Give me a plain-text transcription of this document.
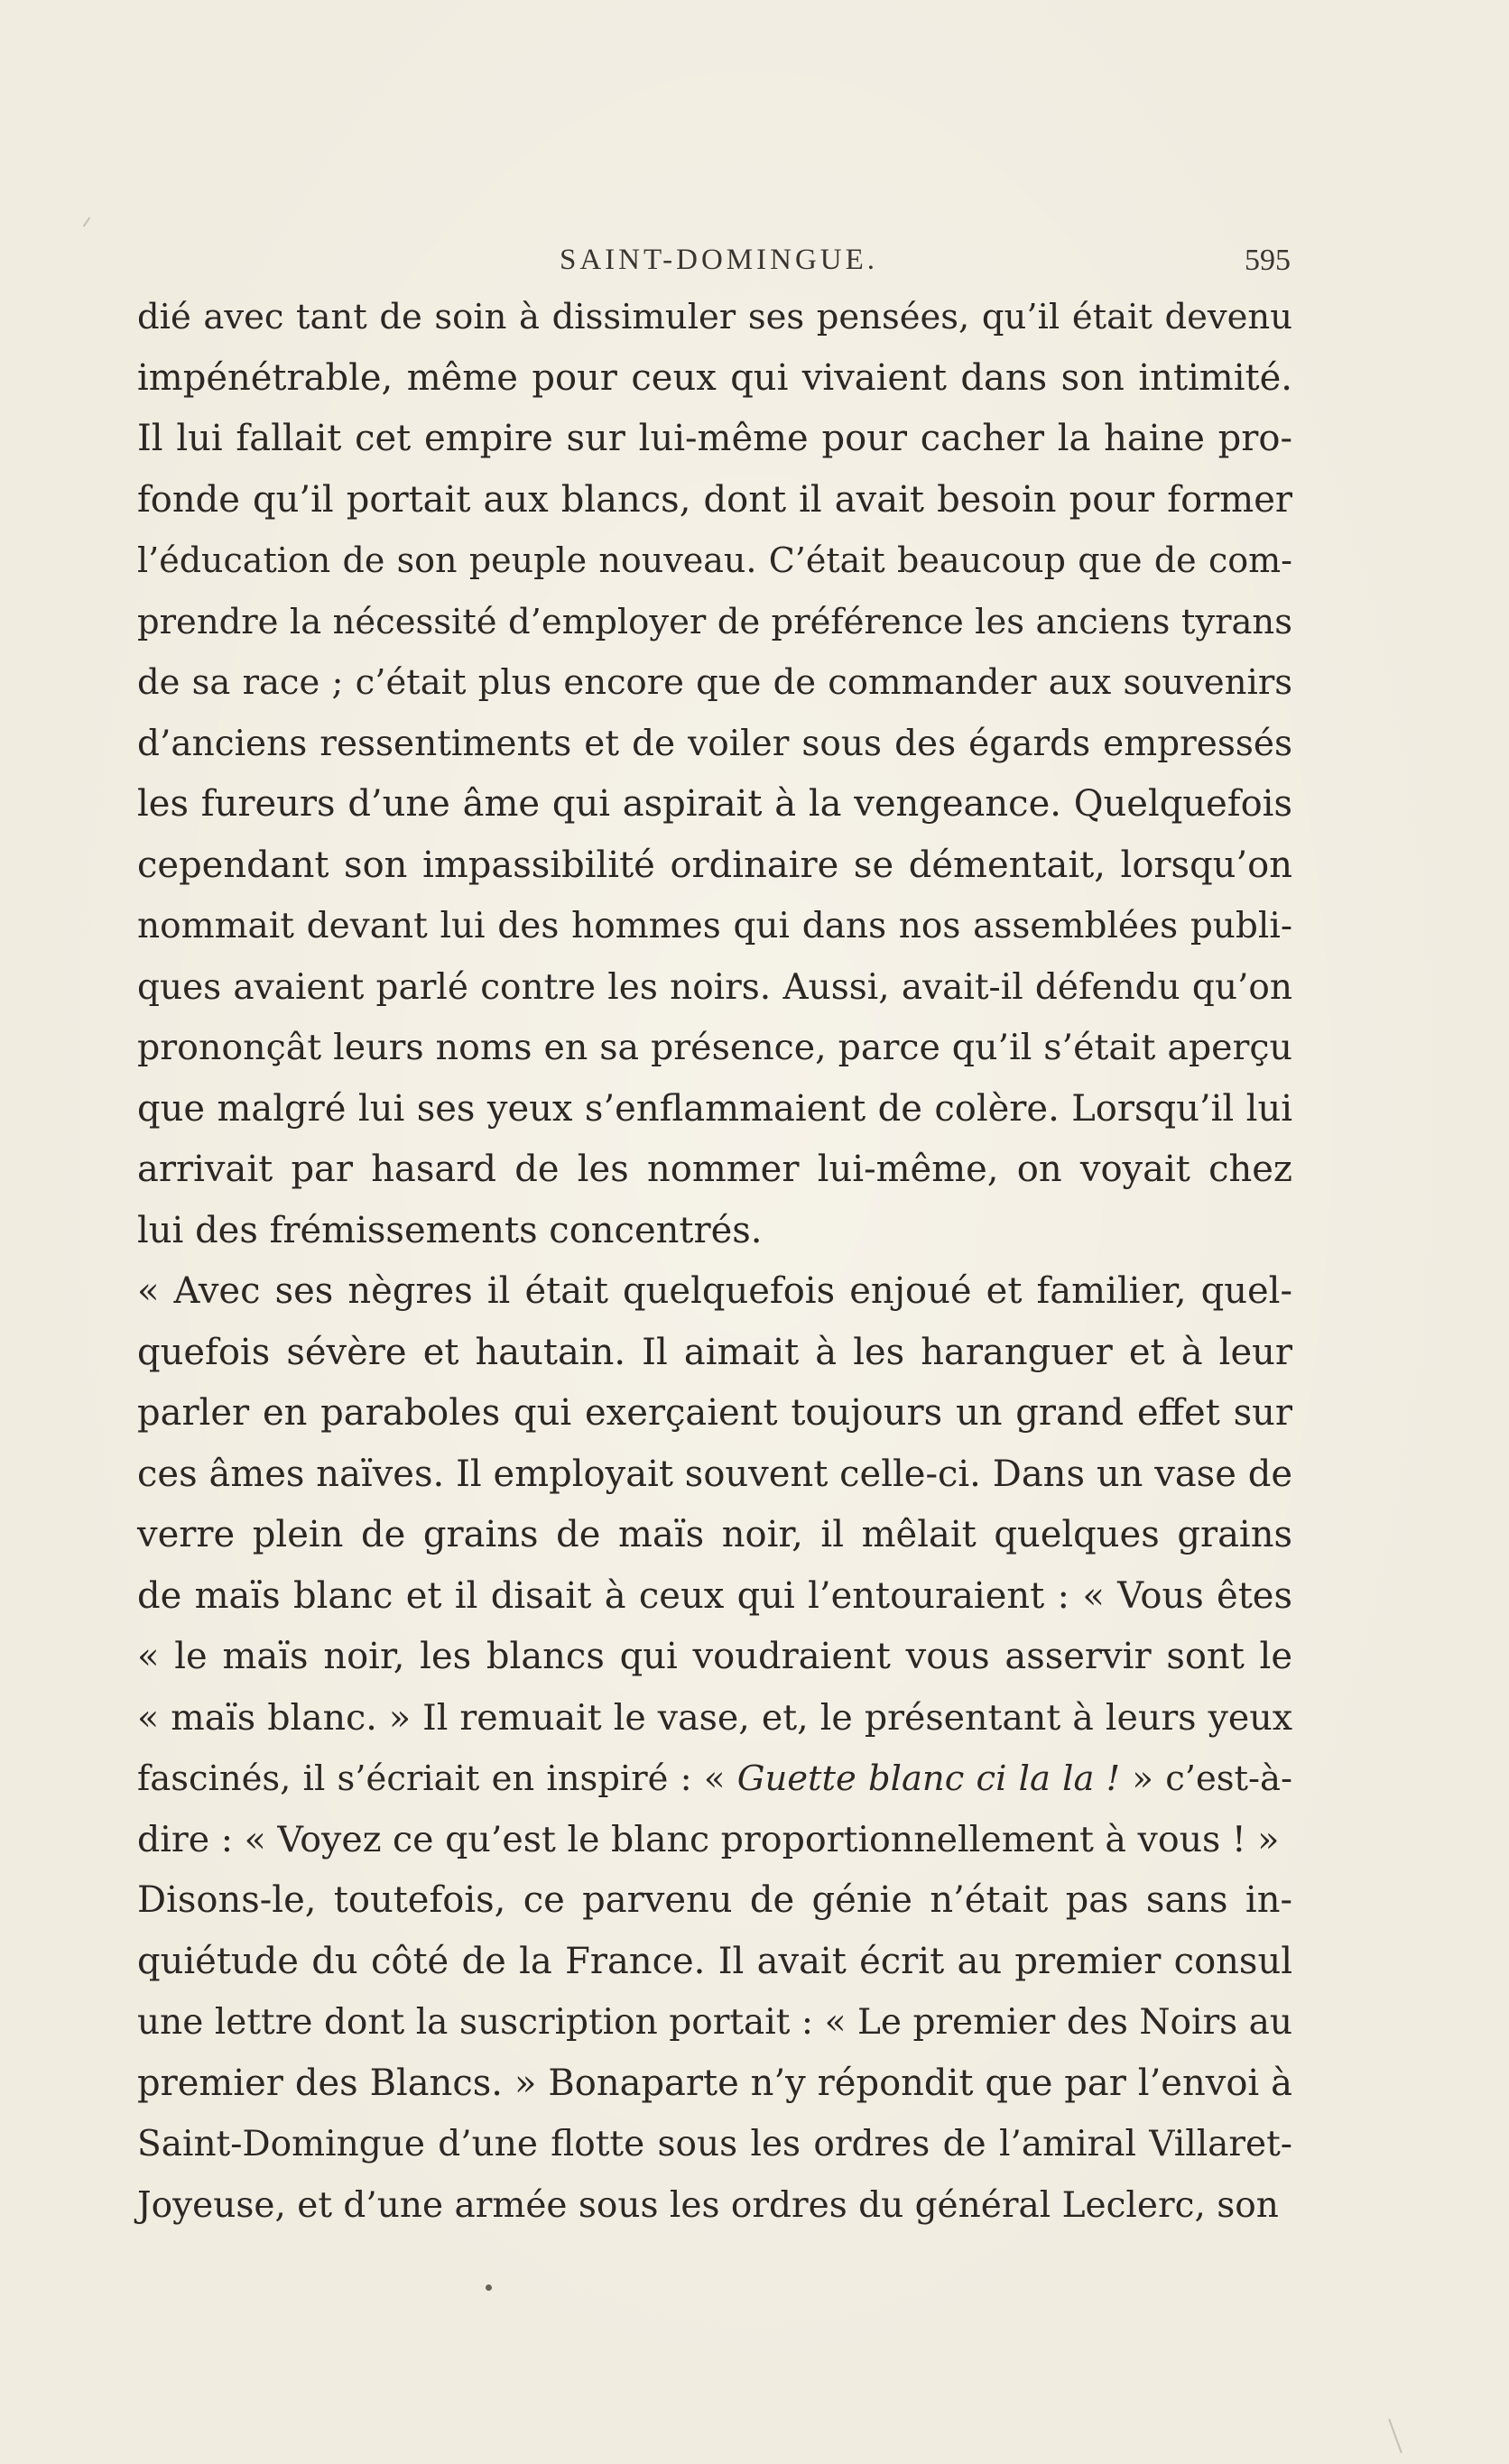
SAINT-DOMINGUE.	595
dié avec tant de soin à dissimuler ses pensées, qu’il était devenu
impénétrable, même pour ceux qui vivaient dans son intimité.
Il lui fallait cet empire sur lui-même pour cacher la haine pro-
fonde qu’il portait aux blancs, dont il avait besoin pour former
l’éducation de son peuple nouveau. C’était beaucoup que de com-
prendre la nécessité d’employer de préférence les anciens tyrans
de sa race ; c’était plus encore que de commander aux souvenirs
d’anciens ressentiments et de voiler sous des égards empressés
les fureurs d’une âme qui aspirait à la vengeance. Quelquefois
cependant son impassibilité ordinaire se démentait, lorsqu’on
nommait devant lui des hommes qui dans nos assemblées publi-
ques avaient parlé contre les noirs. Aussi, avait-il défendu qu’on
prononçât leurs noms en sa présence, parce qu’il s’était aperçu
que malgré lui ses yeux s’enflammaient de colère. Lorsqu’il lui
arrivait par hasard de les nommer lui-même, on voyait chez
lui des frémissements concentrés.
« Avec ses nègres il était quelquefois enjoué et familier, quel-
quefois sévère et hautain. Il aimait à les haranguer et à leur
parler en paraboles qui exerçaient toujours un grand effet sur
ces âmes naïves. Il employait souvent celle-ci. Dans un vase de
verre plein de grains de maïs noir, il mêlait quelques grains
de maïs blanc et il disait à ceux qui l’entouraient : « Vous êtes
« le maïs noir, les blancs qui voudraient vous asservir sont le
« maïs blanc. » Il remuait le vase, et, le présentant à leurs yeux
fascinés, il s’écriait en inspiré : « Guette blanc ci la la ! » c’est-à-
dire : « Voyez ce qu’est le blanc proportionnellement à vous ! »
Disons-le, toutefois, ce parvenu de génie n’était pas sans in-
quiétude du côté de la France. Il avait écrit au premier consul
une lettre dont la suscription portait : « Le premier des Noirs au
premier des Blancs. » Bonaparte n’y répondit que par l’envoi à
Saint-Domingue d’une flotte sous les ordres de l’amiral Villaret-
Joyeuse, et d’une armée sous les ordres du général Leclerc, son
